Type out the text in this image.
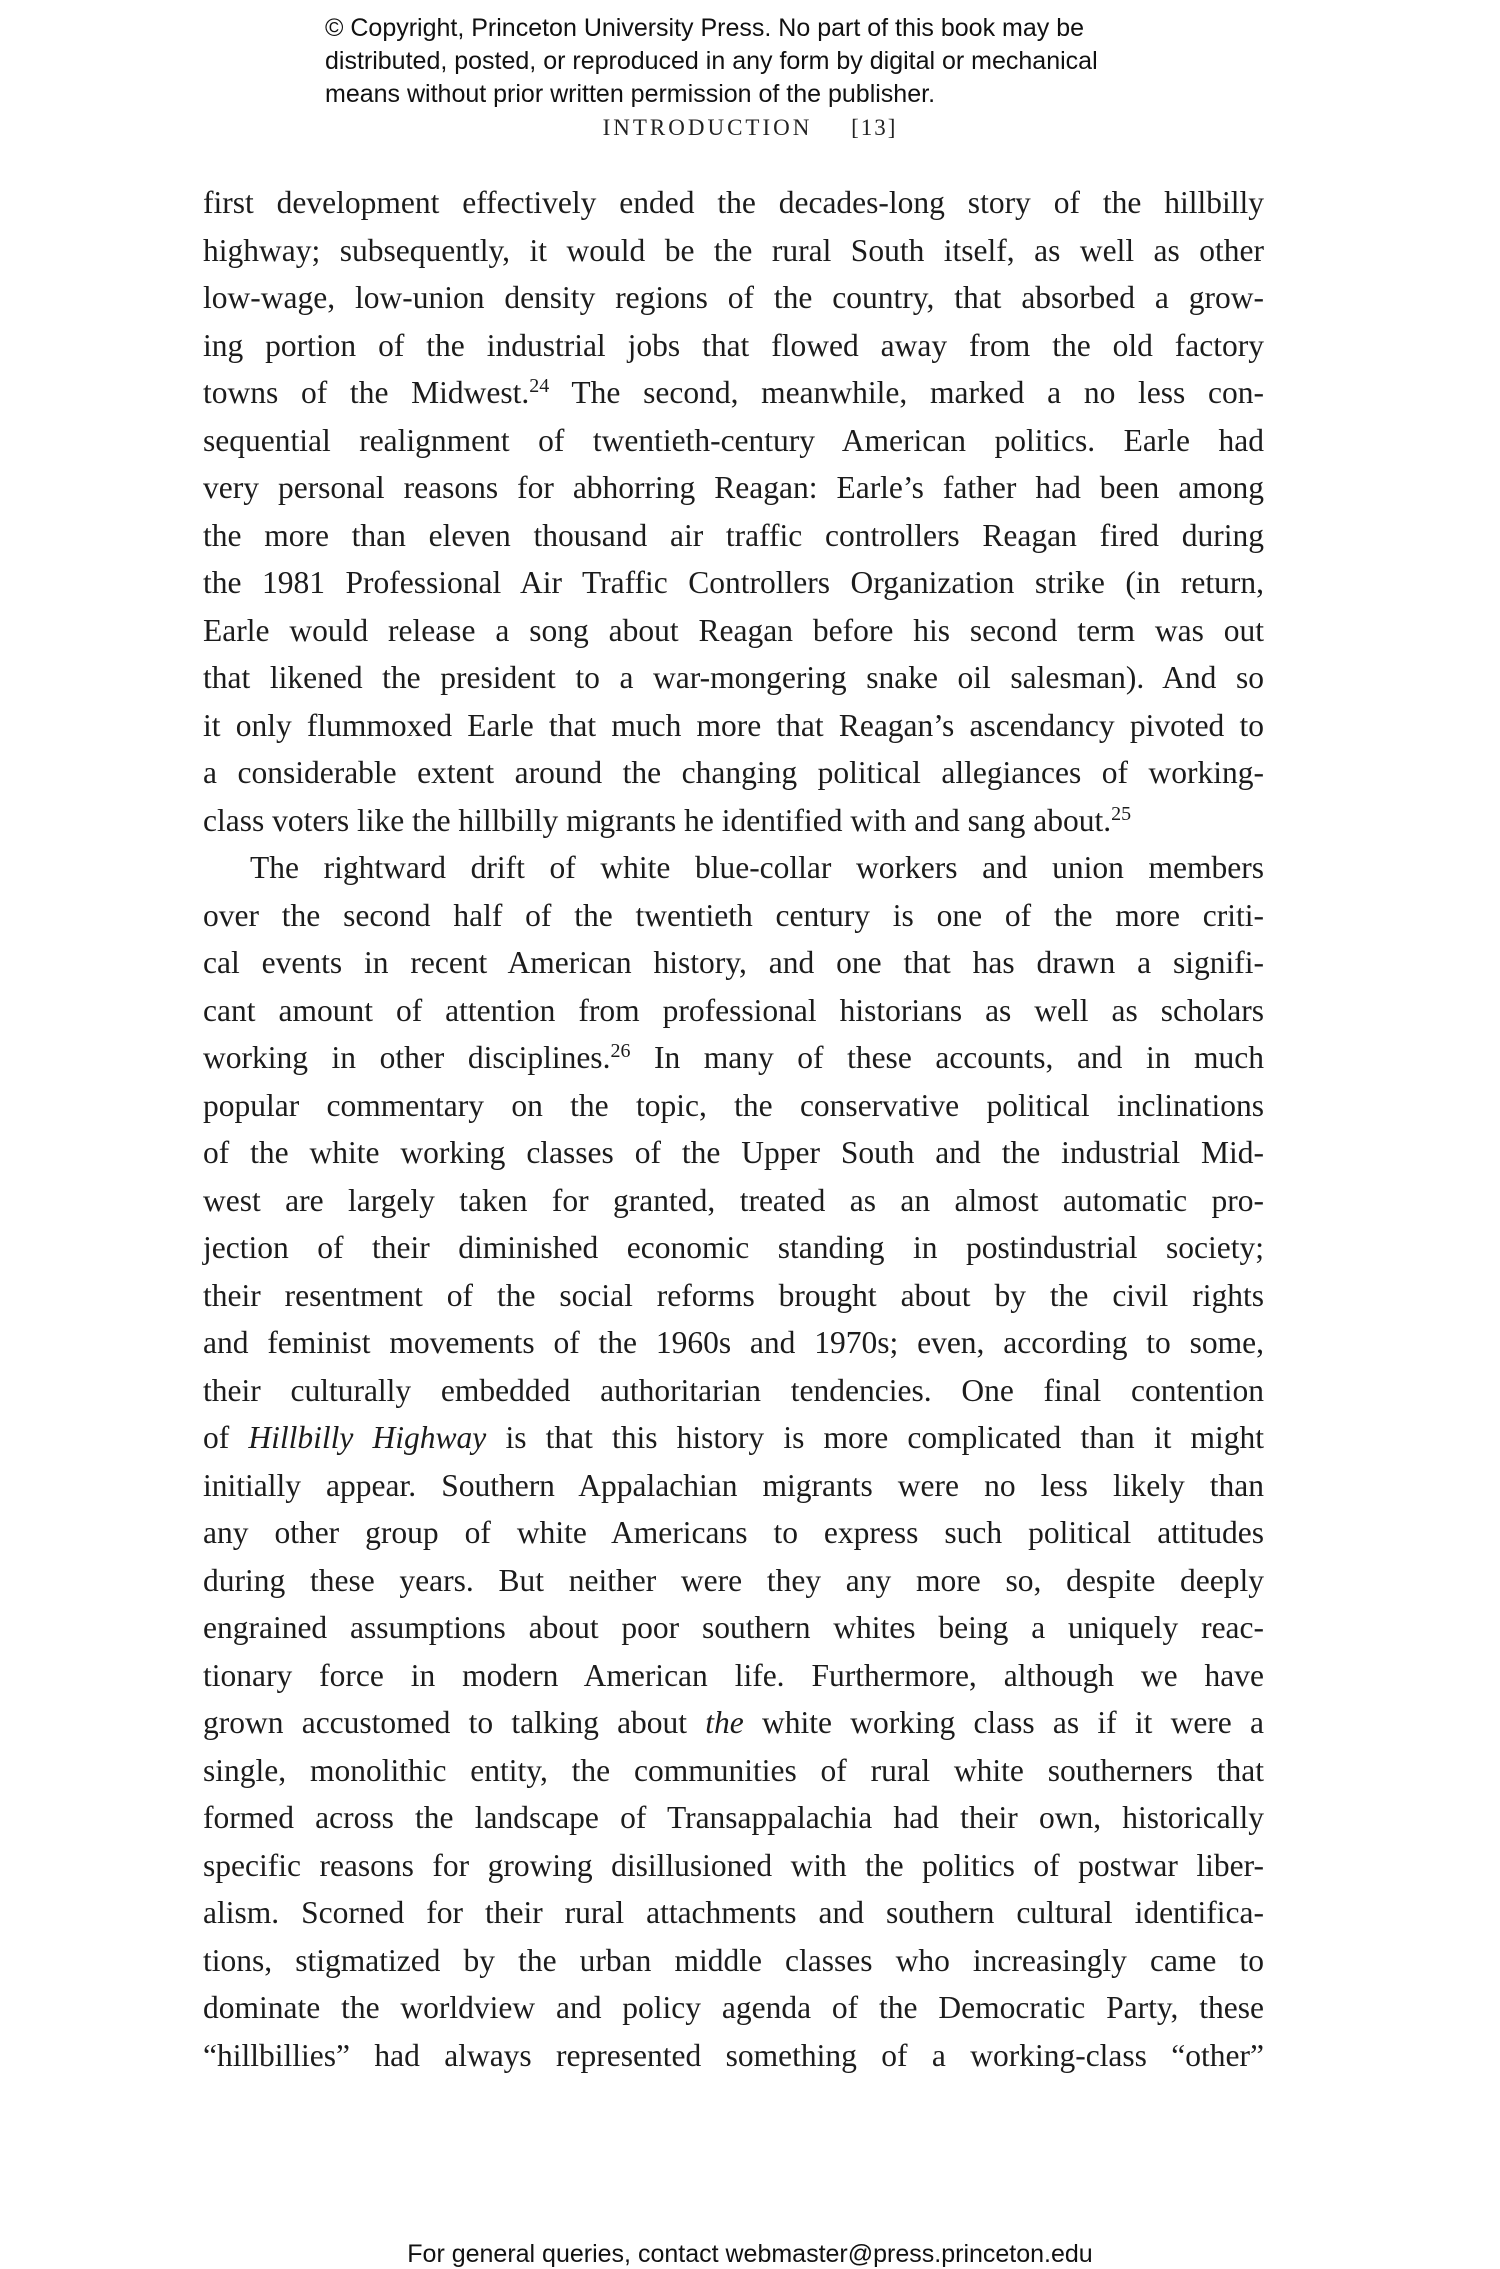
© Copyright, Princeton University Press. No part of this book may be
distributed, posted, or reproduced in any form by digital or mechanical
means without prior written permission of the publisher.
INTRODUCTION [13]
first development effectively ended the decades-long story of the hillbilly
highway; subsequently, it would be the rural South itself, as well as other
low-wage, low-union density regions of the country, that absorbed a grow-
ing portion of the industrial jobs that flowed away from the old factory
towns of the Midwest.$^{24}$ The second, meanwhile, marked a no less con-
sequential realignment of twentieth-century American politics. Earle had
very personal reasons for abhorring Reagan: Earle’s father had been among
the more than eleven thousand air traffic controllers Reagan fired during
the 1981 Professional Air Traffic Controllers Organization strike (in return,
Earle would release a song about Reagan before his second term was out
that likened the president to a war-mongering snake oil salesman). And so
it only flummoxed Earle that much more that Reagan’s ascendancy pivoted to
a considerable extent around the changing political allegiances of working-
class voters like the hillbilly migrants he identified with and sang about.$^{25}$
The rightward drift of white blue-collar workers and union members
over the second half of the twentieth century is one of the more criti-
cal events in recent American history, and one that has drawn a signifi-
cant amount of attention from professional historians as well as scholars
working in other disciplines.$^{26}$ In many of these accounts, and in much
popular commentary on the topic, the conservative political inclinations
of the white working classes of the Upper South and the industrial Mid-
west are largely taken for granted, treated as an almost automatic pro-
jection of their diminished economic standing in postindustrial society;
their resentment of the social reforms brought about by the civil rights
and feminist movements of the 1960s and 1970s; even, according to some,
their culturally embedded authoritarian tendencies. One final contention
of Hillbilly Highway is that this history is more complicated than it might
initially appear. Southern Appalachian migrants were no less likely than
any other group of white Americans to express such political attitudes
during these years. But neither were they any more so, despite deeply
engrained assumptions about poor southern whites being a uniquely reac-
tionary force in modern American life. Furthermore, although we have
grown accustomed to talking about the white working class as if it were a
single, monolithic entity, the communities of rural white southerners that
formed across the landscape of Transappalachia had their own, historically
specific reasons for growing disillusioned with the politics of postwar liber-
alism. Scorned for their rural attachments and southern cultural identifica-
tions, stigmatized by the urban middle classes who increasingly came to
dominate the worldview and policy agenda of the Democratic Party, these
“hillbillies” had always represented something of a working-class “other”
For general queries, contact webmaster@press.princeton.edu
